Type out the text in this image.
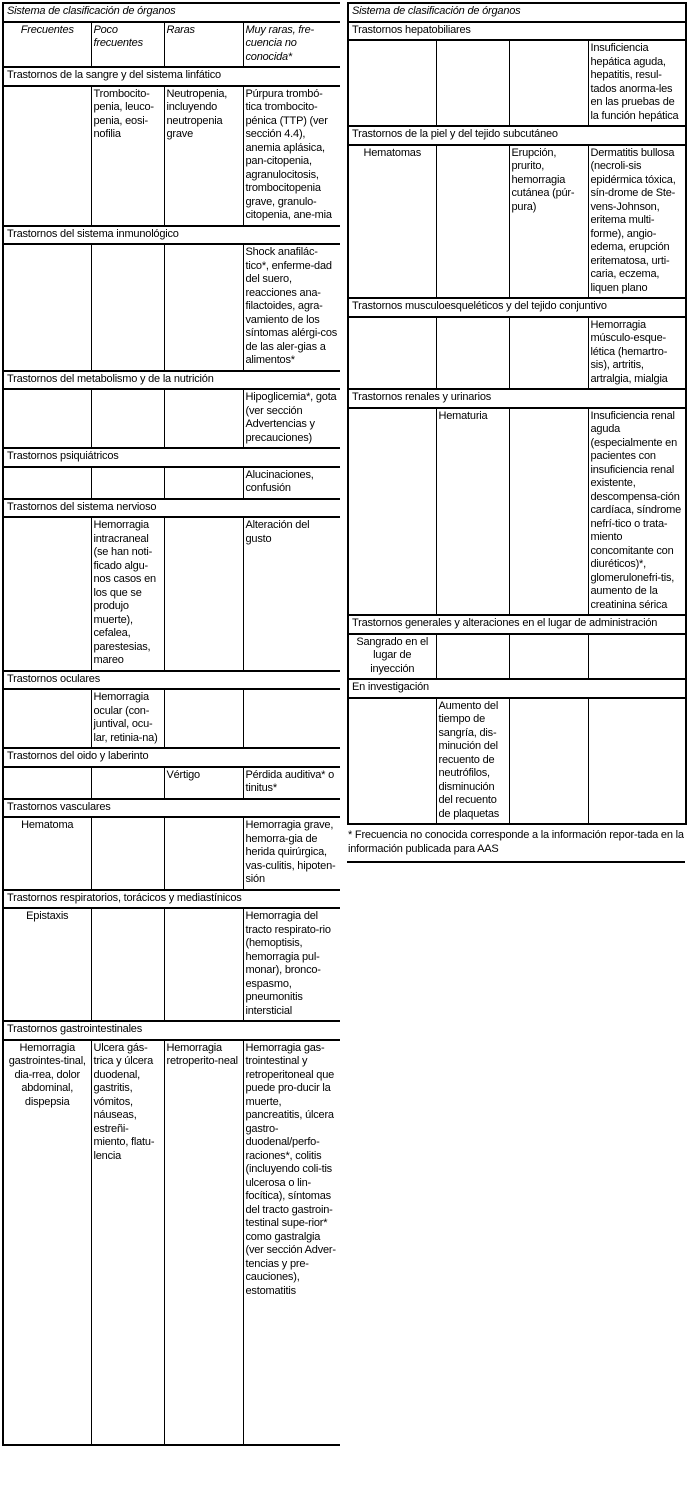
Sistema de clasificación de órganos			
Frecuentes	Poco frecuentes	Raras	Muy raras, fre-cuencia no conocida*
Trastornos de la sangre y del sistema linfático			
	Trombocito-penia, leuco-penia, eosi-nofilia	Neutropenia, incluyendo neutropenia grave	Púrpura trombó-tica trombocito-pénica (TTP) (ver sección 4.4), anemia aplásica, pan-citopenia, agranulocitosis, trombocitopenia grave, granulo-citopenia, ane-mia
Trastornos del sistema inmunológico			
			Shock anafilác-tico*, enferme-dad del suero, reacciones ana-filactoides, agra-vamiento de los síntomas alérgi-cos de las aler-gias a alimentos*
Trastornos del metabolismo y de la nutrición			
			Hipoglicemia*, gota (ver sección Advertencias y precauciones)
Trastornos psiquiátricos			
			Alucinaciones, confusión
Trastornos del sistema nervioso			
	Hemorragia intracraneal (se han noti-ficado algu-nos casos en los que se produjo muerte), cefalea, parestesias, mareo		Alteración del gusto
Trastornos oculares			
	Hemorragia ocular (con-juntival, ocu-lar, retinia-na)		
Trastornos del oido y laberinto			
		Vértigo	Pérdida auditiva* o tinitus*
Trastornos vasculares			
Hematoma			Hemorragia grave, hemorra-gia de herida quirúrgica, vas-culitis, hipoten-sión
Trastornos respiratorios, torácicos y mediastínicos			
Epistaxis			Hemorragia del tracto respirato-rio (hemoptisis, hemorragia pul-monar), bronco-espasmo, pneumonitis intersticial
Trastornos gastrointestinales			
Hemorragia gastrointes-tinal, dia-rrea, dolor abdominal, dispepsia	Ulcera gás-trica y úlcera duodenal, gastritis, vómitos, náuseas, estreñi-miento, flatu-lencia	Hemorragia retroperito-neal	Hemorragia gas-trointestinal y retroperitoneal que puede pro-ducir la muerte, pancreatitis, úlcera gastro-duodenal/perfo-raciones*, colitis (incluyendo coli-tis ulcerosa o lin-focítica), síntomas del tracto gastroin-testinal supe-rior* como gastralgia (ver sección Adver-tencias y pre-cauciones), estomatitis
Sistema de clasificación de órganos			
Trastornos hepatobiliares			
			Insuficiencia hepática aguda, hepatitis, resul-tados anorma-les en las pruebas de la función hepática
Trastornos de la piel y del tejido subcutáneo			
Hematomas		Erupción, prurito, hemorragia cutánea (púr-pura)	Dermatitis bullosa (necroli-sis epidérmica tóxica, sín-drome de Ste-vens-Johnson, eritema multi-forme), angio-edema, erupción eritematosa, urti-caria, eczema, liquen plano
Trastornos musculoesqueléticos y del tejido conjuntivo			
			Hemorragia músculo-esque-lética (hemartro-sis), artritis, artralgia, mialgia
Trastornos renales y urinarios			
	Hematuria		Insuficiencia renal aguda (especialmente en pacientes con insuficiencia renal existente, descompensa-ción cardíaca, síndrome nefrí-tico o trata-miento concomitante con diuréticos)*, glomerulonefri-tis, aumento de la creatinina sérica
Trastornos generales y alteraciones en el lugar de administración			
Sangrado en el lugar de inyección			
En investigación			
	Aumento del tiempo de sangría, dis-minución del recuento de neutrófilos, disminución del recuento de plaquetas		
* Frecuencia no conocida corresponde a la información repor-tada en la información publicada para AAS
